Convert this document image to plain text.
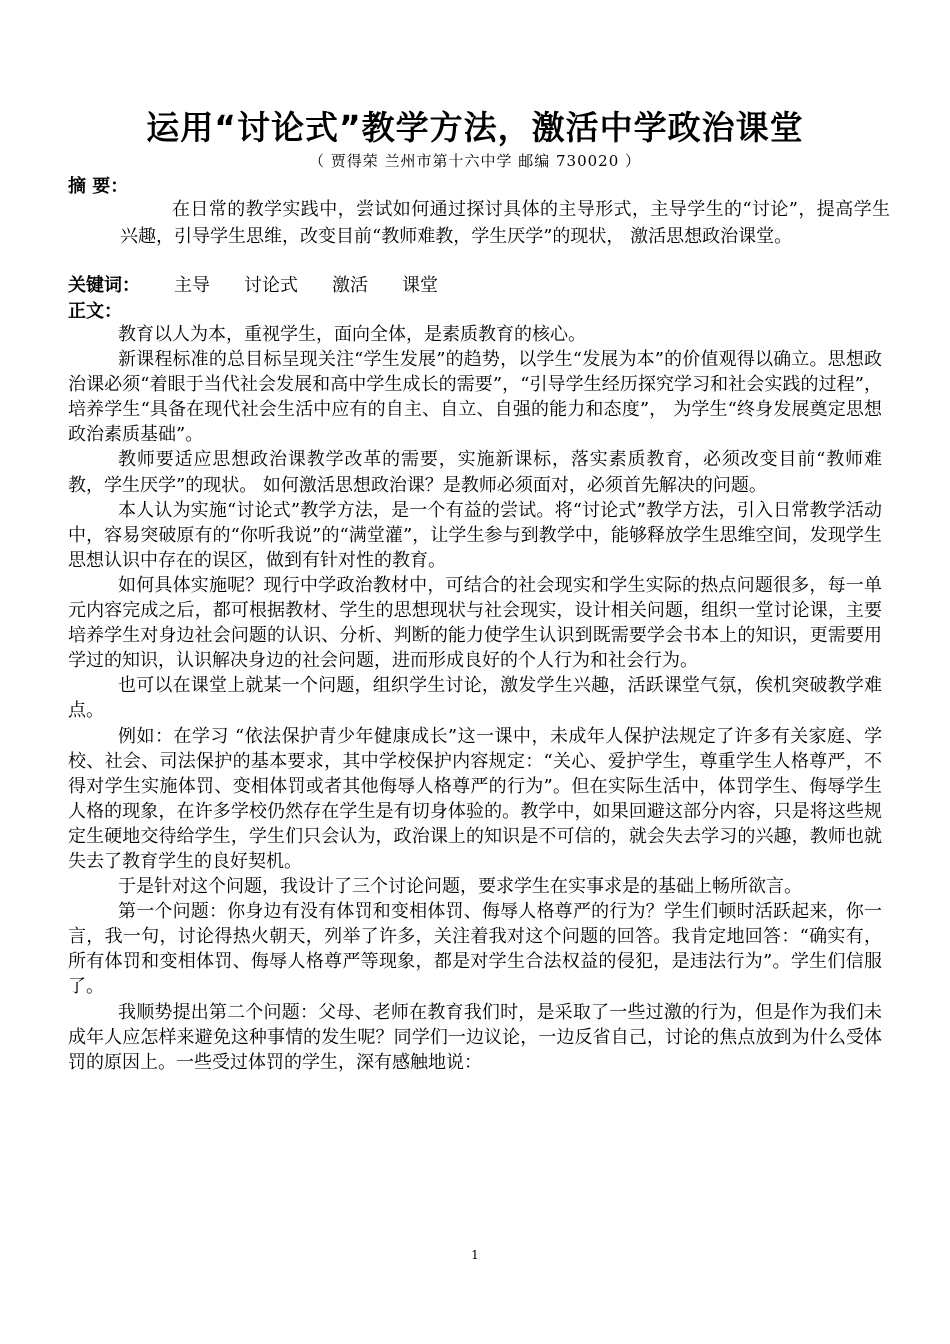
运用“讨论式”教学方法，激活中学政治课堂
（ 贾得荣 兰州市第十六中学 邮编 730020 ）
摘 要：
在日常的教学实践中，尝试如何通过探讨具体的主导形式，主导学生的“讨论”，提高学生兴趣，引导学生思维，改变目前“教师难教，学生厌学”的现状， 激活思想政治课堂。
关键词： 主导 讨论式 激活 课堂
正文：

教育以人为本，重视学生，面向全体，是素质教育的核心。

新课程标准的总目标呈现关注“学生发展”的趋势，以学生“发展为本”的价值观得以确立。思想政治课必须“着眼于当代社会发展和高中学生成长的需要”，“引导学生经历探究学习和社会实践的过程”，培养学生“具备在现代社会生活中应有的自主、自立、自强的能力和态度”， 为学生“终身发展奠定思想政治素质基础”。

教师要适应思想政治课教学改革的需要，实施新课标，落实素质教育，必须改变目前“教师难教，学生厌学”的现状。 如何激活思想政治课？是教师必须面对，必须首先解决的问题。

本人认为实施“讨论式”教学方法，是一个有益的尝试。将“讨论式”教学方法，引入日常教学活动中，容易突破原有的“你听我说”的“满堂灌”，让学生参与到教学中，能够释放学生思维空间，发现学生思想认识中存在的误区，做到有针对性的教育。

如何具体实施呢？现行中学政治教材中，可结合的社会现实和学生实际的热点问题很多，每一单元内容完成之后，都可根据教材、学生的思想现状与社会现实，设计相关问题，组织一堂讨论课，主要培养学生对身边社会问题的认识、分析、判断的能力使学生认识到既需要学会书本上的知识，更需要用学过的知识，认识解决身边的社会问题，进而形成良好的个人行为和社会行为。

也可以在课堂上就某一个问题，组织学生讨论，激发学生兴趣，活跃课堂气氛，俟机突破教学难点。

例如：在学习 “依法保护青少年健康成长”这一课中，未成年人保护法规定了许多有关家庭、学校、社会、司法保护的基本要求，其中学校保护内容规定：“关心、爱护学生，尊重学生人格尊严，不得对学生实施体罚、变相体罚或者其他侮辱人格尊严的行为”。但在实际生活中，体罚学生、侮辱学生人格的现象，在许多学校仍然存在学生是有切身体验的。教学中，如果回避这部分内容，只是将这些规定生硬地交待给学生，学生们只会认为，政治课上的知识是不可信的，就会失去学习的兴趣，教师也就失去了教育学生的良好契机。

于是针对这个问题，我设计了三个讨论问题，要求学生在实事求是的基础上畅所欲言。

第一个问题：你身边有没有体罚和变相体罚、侮辱人格尊严的行为？学生们顿时活跃起来，你一言，我一句，讨论得热火朝天，列举了许多，关注着我对这个问题的回答。我肯定地回答：“确实有，所有体罚和变相体罚、侮辱人格尊严等现象，都是对学生合法权益的侵犯，是违法行为”。学生们信服了。

我顺势提出第二个问题：父母、老师在教育我们时，是采取了一些过激的行为，但是作为我们未成年人应怎样来避免这种事情的发生呢？同学们一边议论，一边反省自己，讨论的焦点放到为什么受体罚的原因上。一些受过体罚的学生，深有感触地说：

1
